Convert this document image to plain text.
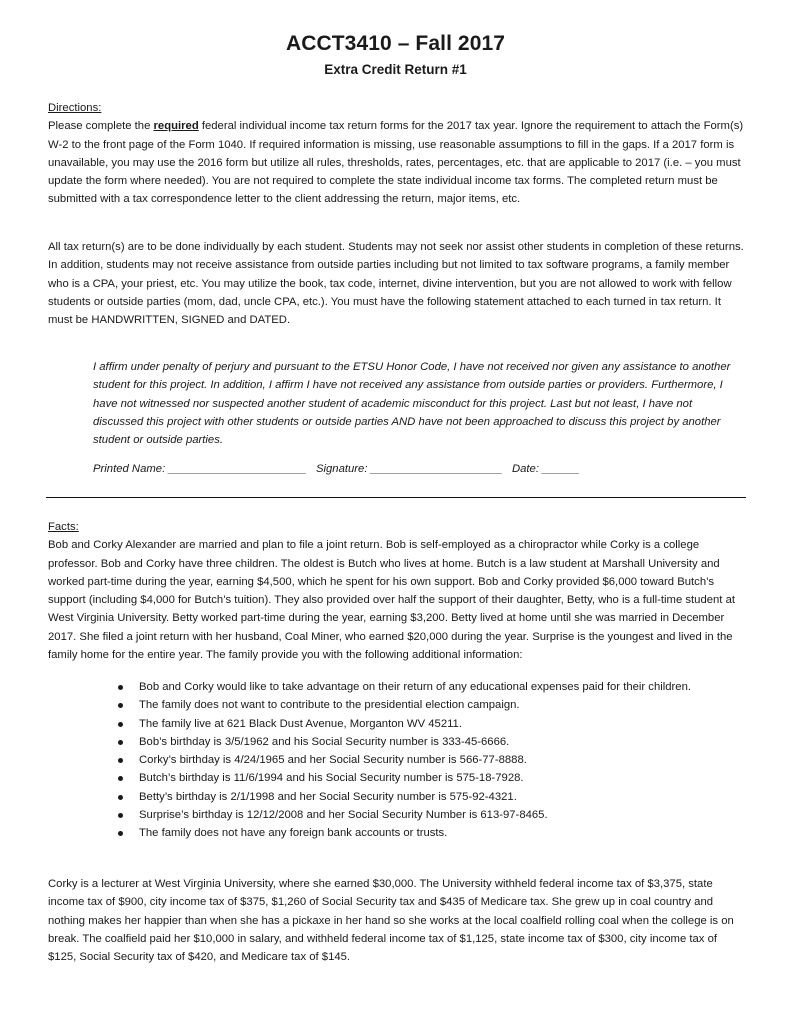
ACCT3410 – Fall 2017
Extra Credit Return #1
Directions:
Please complete the required federal individual income tax return forms for the 2017 tax year. Ignore the requirement to attach the Form(s) W-2 to the front page of the Form 1040. If required information is missing, use reasonable assumptions to fill in the gaps. If a 2017 form is unavailable, you may use the 2016 form but utilize all rules, thresholds, rates, percentages, etc. that are applicable to 2017 (i.e. – you must update the form where needed). You are not required to complete the state individual income tax forms. The completed return must be submitted with a tax correspondence letter to the client addressing the return, major items, etc.
All tax return(s) are to be done individually by each student. Students may not seek nor assist other students in completion of these returns. In addition, students may not receive assistance from outside parties including but not limited to tax software programs, a family member who is a CPA, your priest, etc. You may utilize the book, tax code, internet, divine intervention, but you are not allowed to work with fellow students or outside parties (mom, dad, uncle CPA, etc.). You must have the following statement attached to each turned in tax return. It must be HANDWRITTEN, SIGNED and DATED.
I affirm under penalty of perjury and pursuant to the ETSU Honor Code, I have not received nor given any assistance to another student for this project. In addition, I affirm I have not received any assistance from outside parties or providers. Furthermore, I have not witnessed nor suspected another student of academic misconduct for this project. Last but not least, I have not discussed this project with other students or outside parties AND have not been approached to discuss this project by another student or outside parties.
Printed Name: ______________________   Signature: _____________________   Date: ______
Facts:
Bob and Corky Alexander are married and plan to file a joint return. Bob is self-employed as a chiropractor while Corky is a college professor. Bob and Corky have three children. The oldest is Butch who lives at home. Butch is a law student at Marshall University and worked part-time during the year, earning $4,500, which he spent for his own support. Bob and Corky provided $6,000 toward Butch’s support (including $4,000 for Butch’s tuition). They also provided over half the support of their daughter, Betty, who is a full-time student at West Virginia University. Betty worked part-time during the year, earning $3,200. Betty lived at home until she was married in December 2017. She filed a joint return with her husband, Coal Miner, who earned $20,000 during the year. Surprise is the youngest and lived in the family home for the entire year. The family provide you with the following additional information:
Bob and Corky would like to take advantage on their return of any educational expenses paid for their children.
The family does not want to contribute to the presidential election campaign.
The family live at 621 Black Dust Avenue, Morganton WV 45211.
Bob’s birthday is 3/5/1962 and his Social Security number is 333-45-6666.
Corky’s birthday is 4/24/1965 and her Social Security number is 566-77-8888.
Butch’s birthday is 11/6/1994 and his Social Security number is 575-18-7928.
Betty’s birthday is 2/1/1998 and her Social Security number is 575-92-4321.
Surprise’s birthday is 12/12/2008 and her Social Security Number is 613-97-8465.
The family does not have any foreign bank accounts or trusts.
Corky is a lecturer at West Virginia University, where she earned $30,000. The University withheld federal income tax of $3,375, state income tax of $900, city income tax of $375, $1,260 of Social Security tax and $435 of Medicare tax. She grew up in coal country and nothing makes her happier than when she has a pickaxe in her hand so she works at the local coalfield rolling coal when the college is on break. The coalfield paid her $10,000 in salary, and withheld federal income tax of $1,125, state income tax of $300, city income tax of $125, Social Security tax of $420, and Medicare tax of $145.
